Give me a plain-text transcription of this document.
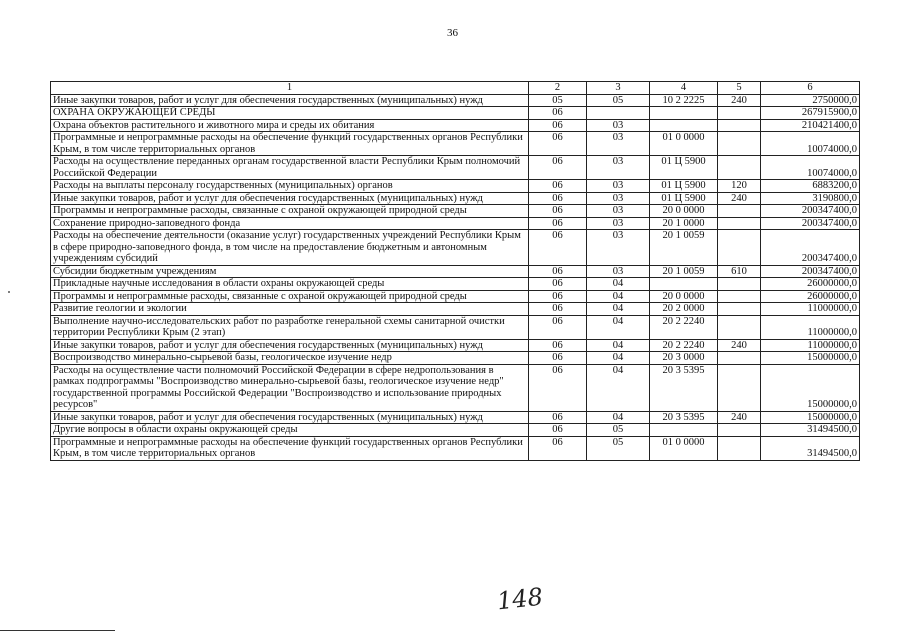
36
1	2	3	4	5	6
Иные закупки товаров, работ и услуг для обеспечения государственных (муниципальных) нужд	05	05	10 2 2225	240	2750000,0
ОХРАНА ОКРУЖАЮЩЕЙ СРЕДЫ	06				267915900,0
Охрана объектов растительного и животного мира и среды их обитания	06	03			210421400,0
Программные и непрограммные расходы на обеспечение функций государственных органов Республики Крым, в том числе территориальных органов	06	03	01 0 0000		10074000,0
Расходы на осуществление переданных органам государственной власти Республики Крым полномочий Российской Федерации	06	03	01 Ц 5900		10074000,0
Расходы на выплаты персоналу государственных (муниципальных) органов	06	03	01 Ц 5900	120	6883200,0
Иные закупки товаров, работ и услуг для обеспечения государственных (муниципальных) нужд	06	03	01 Ц 5900	240	3190800,0
Программы и непрограммные расходы, связанные с охраной окружающей природной среды	06	03	20 0 0000		200347400,0
Сохранение природно-заповедного фонда	06	03	20 1 0000		200347400,0
Расходы на обеспечение деятельности (оказание услуг) государственных учреждений Республики Крым в сфере природно-заповедного фонда, в том числе на предоставление бюджетным и автономным учреждениям субсидий	06	03	20 1 0059		200347400,0
Субсидии бюджетным учреждениям	06	03	20 1 0059	610	200347400,0
Прикладные научные исследования в области охраны окружающей среды	06	04			26000000,0
Программы и непрограммные расходы, связанные с охраной окружающей природной среды	06	04	20 0 0000		26000000,0
Развитие геологии и экологии	06	04	20 2 0000		11000000,0
Выполнение научно-исследовательских работ по разработке генеральной схемы санитарной очистки территории Республики Крым (2 этап)	06	04	20 2 2240		11000000,0
Иные закупки товаров, работ и услуг для обеспечения государственных (муниципальных) нужд	06	04	20 2 2240	240	11000000,0
Воспроизводство минерально-сырьевой базы, геологическое изучение недр	06	04	20 3 0000		15000000,0
Расходы на осуществление части полномочий Российской Федерации в сфере недропользования в рамках подпрограммы "Воспроизводство минерально-сырьевой базы, геологическое изучение недр" государственной программы Российской Федерации "Воспроизводство и использование природных ресурсов"	06	04	20 3 5395		15000000,0
Иные закупки товаров, работ и услуг для обеспечения государственных (муниципальных) нужд	06	04	20 3 5395	240	15000000,0
Другие вопросы в области охраны окружающей среды	06	05			31494500,0
Программные и непрограммные расходы на обеспечение функций государственных органов Республики Крым, в том числе территориальных органов	06	05	01 0 0000		31494500,0
148
